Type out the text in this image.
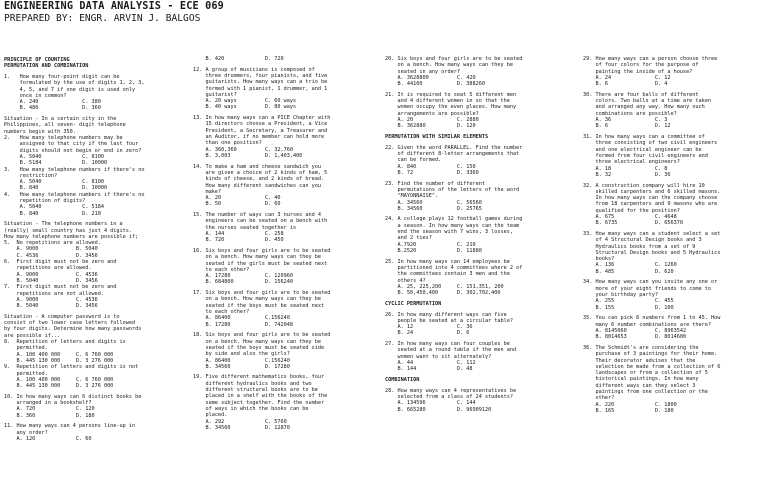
ENGINEERING DATA ANALYSIS - ECE 069
PREPARED BY: ENGR. ARVIN J. BALGOS
PRINCIPLE OF COUNTING
PERMUTATION AND COMBINATION
1.   How many four-point digit can be
formulated by the use of digits 1, 2, 3,
4, 5, and 7 if one digit is used only
once in common?
A. 240              C. 380
B. 480              D. 360
Situation - In a certain city in the
Philippines, all seven- digit telephone
numbers begin with 350.
2.   How many telephone numbers may be
assigned to that city if the last four
digits should not begin or end in zero?
A. 5040             C. 8100
B. 5184             D. 10000
3.   How many telephone numbers if there's no
restriction?
A. 5040             C. 8100
B. 840              D. 10000
4.   How many telephone numbers if there's no
repetition of digits?
A. 5040             C. 5184
B. 840              D. 210
Situation - The telephone numbers in a
(really) small country has just 4 digits.
How many telephone numbers are possible if;
5.  No repetitions are allowed.
A. 9000            B. 5040
C. 4536            D. 3456
6.  First digit must not be zero and
repetitions are allowed.
A. 9000            C. 4536
B. 5040            D. 3456
7.  First digit must not be zero and
repetitions are not allowed.
A. 9000            C. 4536
B. 5040            D. 3456
Situation - A computer password is to
consist of two lower case letters followed
by four digits. Determine how many passwords
are possible if...
8.  Repetition of letters and digits is
permitted.
A. 100 400 000     C. 6 760 000
B. 445 130 000     D. 3 276 000
9.  Repetition of letters and digits is not
permitted.
A. 100 400 000     C. 6 760 000
B. 445 130 000     D. 3 276 000
10. In how many ways can 6 distinct books be
arranged in a bookshelf?
A. 720             C. 120
B. 360             D. 180
11. How many ways can 4 persons line-up in
any order?
A. 120             C. 60
B. 420             D. 720
12. A group of musicians is composed of
three drummers, four pianists, and five
guitarists. How many ways can a trio be
formed with 1 pianist, 1 drummer, and 1
guitarist?
A. 20 ways         C. 60 ways
B. 40 ways         D. 80 ways
13. In how many ways can a PICE Chapter with
15 directors choose a President, a Vice
President, a Secretary, a Treasurer and
an Auditor, if no member can hold more
than one position?
A. 360,360         C. 32,760
B. 3,003           D. 1,403,400
14. To make a ham and cheese sandwich you
are given a choice of 2 kinds of ham, 5
kinds of cheese, and 2 kinds of bread.
How many different sandwiches can you
make?
A. 20              C. 40
B. 50              D. 60
15. The number of ways can 3 nurses and 4
engineers can be seated on a bench with
the nurses seated together is
A. 144             C. 258
B. 720             D. 450
16. Six boys and four girls are to be seated
on a bench. How many ways can they be
seated if the girls must be seated next
to each other?
A. 17280           C. 120960
B. 684800          D. 156240
17. Six boys and four girls are to be seated
on a bench. How many ways can they be
seated if the boys must be seated next
to each other?
A. 86400           C.156240
B. 17280           D. 742048
18. Six boys and four girls are to be seated
on a bench. How many ways can they be
seated if the boys must be seated side
by side and also the girls?
A. 86400           C.156240
B. 34560           D. 17280
19. Five different mathematics books, four
different hydraulics books and two
different structural books are to be
placed in a shelf with the books of the
same subject together. Find the number
of ways in which the books can be
placed.
A. 292             C. 5760
B. 34560           D. 12870
20. Six boys and four girls are to be seated
on a bench. How many ways can they be
seated in any order?
A. 3628800         C. 420
B. 44100           D. 388260
21. It is required to seat 5 different men
and 4 different women in so that the
women occupy the even places. How many
arrangements are possible?
A. 20              C. 2880
B. 362880          D. 120
PERMUTATION WITH SIMILAR ELEMENTS
22. Given the word PARALLEL. Find the number
of different 8-letter arrangements that
can be formed.
A. 840             C. 150
B. 72              D. 3360
23. Find the number of different
permutations of the letters of the word
"MAYONNAISE".
A. 34560           C. 56560
B. 34560           D. 25765
24. A college plays 12 football games during
a season. In how many ways can the team
end the season with 7 wins, 3 losses,
and 2 ties?
A.7920             C. 210
B.2520             D. 11880
25. In how many ways can 14 employees be
partitioned into 4 committees where 2 of
the committees contain 3 men and the
others 4?
A. 25, 225,200     C. 151,351, 200
B. 50,450,400      D. 302,702,400
CYCLIC PERMUTATION
26. In how many different ways can five
people be seated at a circular table?
A. 12              C. 36
B. 24              D. 6
27. In how many ways can four couples be
seated at a round table if the men and
women want to sit alternately?
A. 44              C. 112
B. 144             D. 48
COMBINATION
28. How many ways can 4 representatives be
selected from a class of 24 students?
A. 134596          C. 144
B. 665280          D. 96909120
29. How many ways can a person choose three
of four colors for the purpose of
painting the inside of a house?
A. 24              C. 12
B. 6               D. 4
30. There are four balls of different
colors. Two balls at a time are taken
and arranged any way. How many such
combinations are possible?
A. 36              C. 3
B. 6               D. 12
31. In how many ways can a committee of
three consisting of two civil engineers
and one electrical engineer can be
formed from four civil engineers and
three electrical engineers?
A. 18              C. 8
B. 32              D. 36
32. A construction company will hire 10
skilled carpenters and 6 skilled masons.
In how many ways can the company choose
from 18 carpenters and 9 masons who are
qualified for the position?
A. 675             C. 4648
B. 6735            D. 656370
33. How many ways can a student select a set
of 4 Structural Design books and 3
Hydraulics books from a set of 9
Structural Design books and 5 Hydraulics
books?
A. 136             C. 1260
B. 485             D. 620
34. How many ways can you invite any one or
more of your eight friends to come to
your birthday party?
A. 255             C. 455
B. 155             D. 100
35. You can pick 6 numbers from 1 to 45. How
many 6 number combinations are there?
A. 8145060         C. 8963542
B. 8014653         D. 8014600
36. The Schmidt's are considering the
purchase of 3 paintings for their home.
Their decorator advises that the
selection be made from a collection of 6
landscapes or from a collection of 5
historical paintings. In how many
different ways can they select 3
paintings from one collection or the
other?
A. 220             C. 1800
B. 165             D. 180
